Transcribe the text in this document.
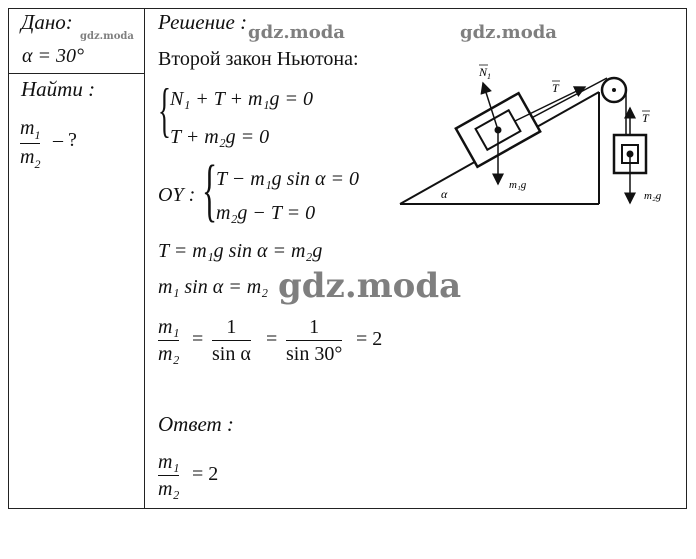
Дано:
gdz.moda
α = 30°
Найти :
$m_1$
$m_2$
– ?
Решение : gdz.moda	gdz.moda
Второй закон Ньютона:
{ N₁ + T + m₁g = 0
T + m₂g = 0
OY : {
T − m₁g sin α = 0
m₂g − T = 0
T = m₁g sin α = m₂g
m₁ sin α = m₂ gdz.moda
m₁
m₂
=
1
sin α
=
1
sin 30°
= 2
Ответ :
m₁
m₂
= 2
α
$N_1$
T
m₁g
T
m₂g
